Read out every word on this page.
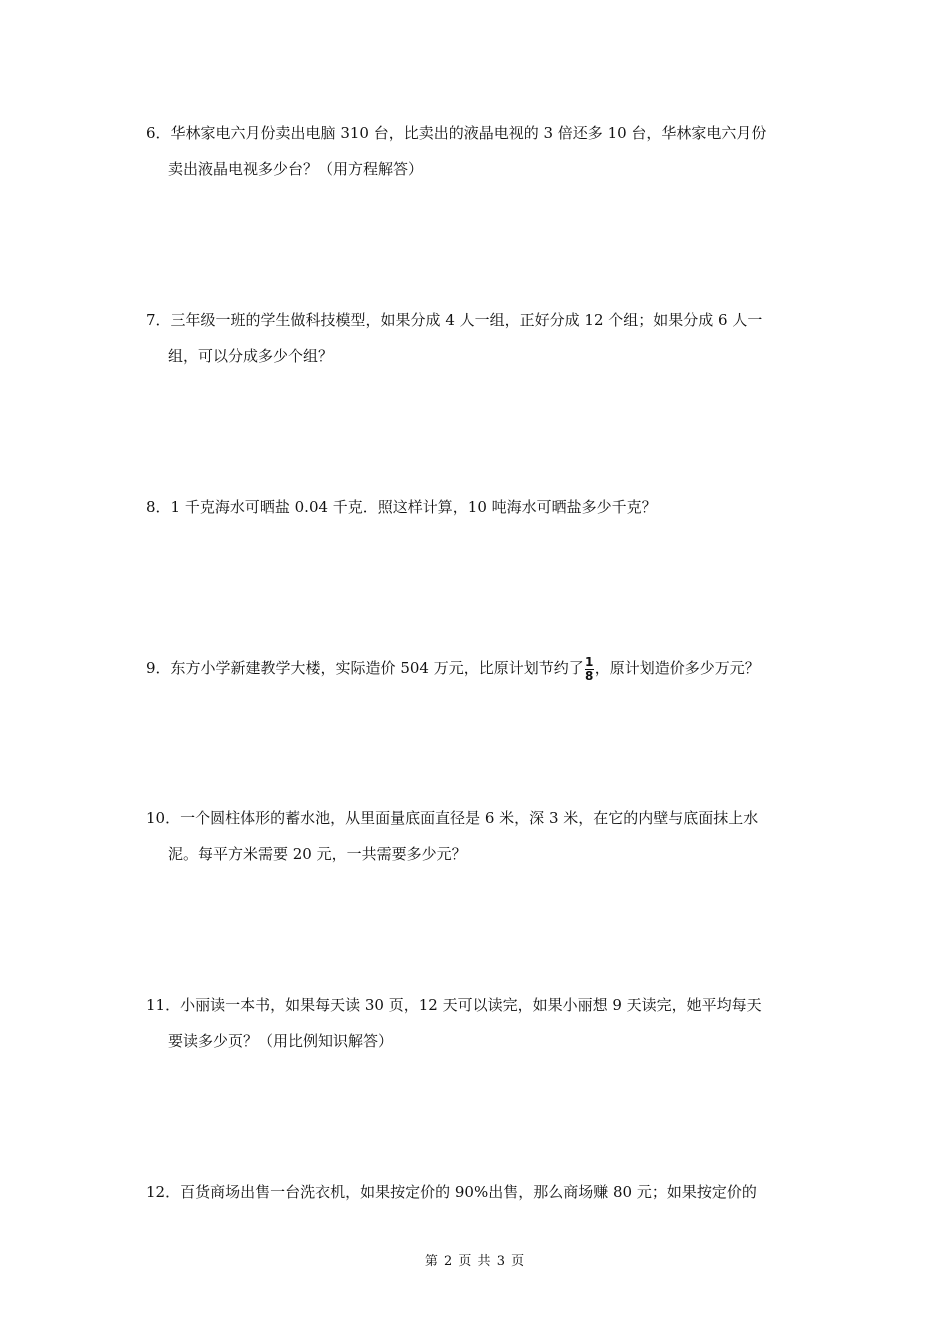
6．华林家电六月份卖出电脑 310 台，比卖出的液晶电视的 3 倍还多 10 台，华林家电六月份
卖出液晶电视多少台？（用方程解答）
7．三年级一班的学生做科技模型，如果分成 4 人一组，正好分成 12 个组；如果分成 6 人一
组，可以分成多少个组？
8．1 千克海水可晒盐 0.04 千克．照这样计算，10 吨海水可晒盐多少千克？
9．东方小学新建教学大楼，实际造价 504 万元，比原计划节约了 $\frac{1}{8}$ ，原计划造价多少万元？
10．一个圆柱体形的蓄水池，从里面量底面直径是 6 米，深 3 米，在它的内壁与底面抹上水
泥。每平方米需要 20 元，一共需要多少元？
11．小丽读一本书，如果每天读 30 页，12 天可以读完，如果小丽想 9 天读完，她平均每天
要读多少页？（用比例知识解答）
12．百货商场出售一台洗衣机，如果按定价的 90%出售，那么商场赚 80 元；如果按定价的
第 2 页 共 3 页
